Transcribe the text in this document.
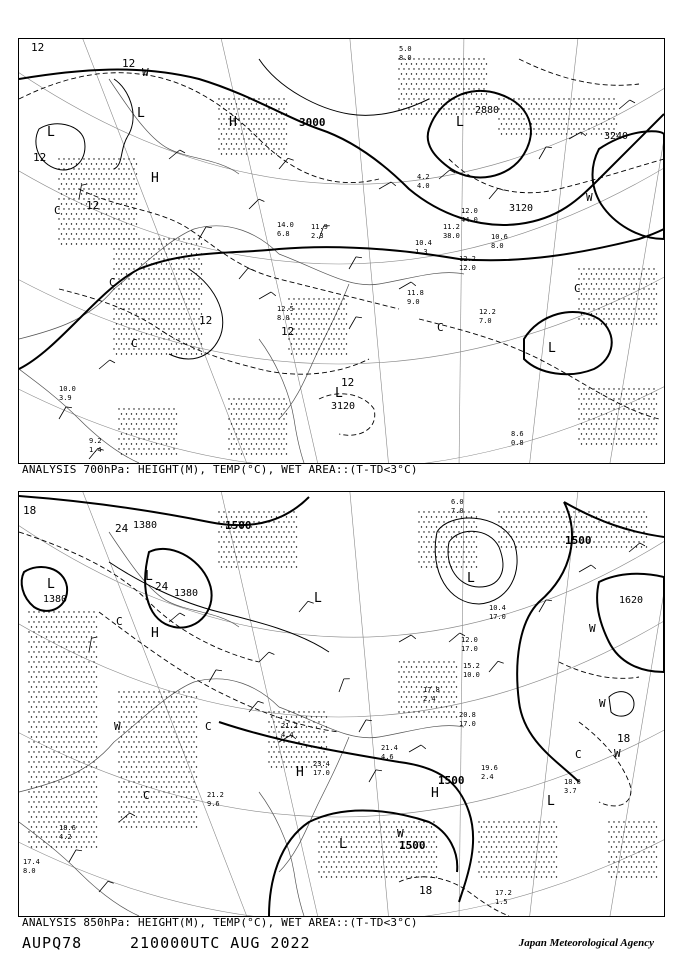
3000
2880
3120
3240
3120
L
L
L
L
L
H
H
C
C
C
C
C
W
W
12
12
12
12
12
12
12
12.2
7.0
10.0
3.9
9.2
1.4
8.6
0.8
14.0
6.8
11.9
2.3
12.5
8.0
11.8
9.0
12.0
44.0
10.4
1.3
10.6
8.0
12.2
12.0
11.2
38.0
5.0
8.0
4.2
4.0
ANALYSIS 700hPa: HEIGHT(M), TEMP(°C), WET AREA::(T-TD<3°C)
1500
1380
1380
1380
1500
1500
1620
1500
L
L	L
L
L
L
H
H
H
C
C
C
C
W
W
W
W
W
18
24
24
18
18
19.6
2.4
18.8
3.7
17.2
1.5
15.2
10.0
20.8
17.0
21.4
4.6
23.4
17.0
21.2
9.6
18.6
4.2
21.2
4.4
17.8
2.4
12.0
17.0
6.0
7.0
10.4
17.0
17.4
8.0
ANALYSIS 850hPa: HEIGHT(M), TEMP(°C), WET AREA::(T-TD<3°C)
AUPQ78	210000UTC AUG 2022	Japan Meteorological Agency
